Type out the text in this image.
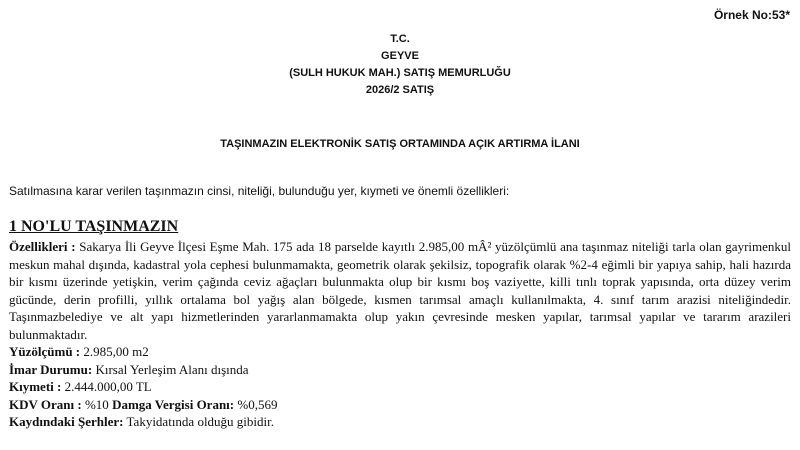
Örnek No:53*
T.C.
GEYVE
(SULH HUKUK MAH.) SATIŞ MEMURLUĞU
2026/2 SATIŞ
TAŞINMAZIN ELEKTRONİK SATIŞ ORTAMINDA AÇIK ARTIRMA İLANI
Satılmasına karar verilen taşınmazın cinsi, niteliği, bulunduğu yer, kıymeti ve önemli özellikleri:
1 NO'LU TAŞINMAZIN

Özellikleri : Sakarya İli Geyve İlçesi Eşme Mah. 175 ada 18 parselde kayıtlı 2.985,00 mÂ² yüzölçümlü ana taşınmaz niteliği tarla olan gayrimenkul meskun mahal dışında, kadastral yola cephesi bulunmamakta, geometrik olarak şekilsiz, topografik olarak %2-4 eğimli bir yapıya sahip, hali hazırda bir kısmı üzerinde yetişkin, verim çağında ceviz ağaçları bulunmakta olup bir kısmı boş vaziyette, killi tınlı toprak yapısında, orta düzey verim gücünde, derin profilli, yıllık ortalama bol yağış alan bölgede, kısmen tarımsal amaçlı kullanılmakta, 4. sınıf tarım arazisi niteliğindedir. Taşınmazbelediye ve alt yapı hizmetlerinden yararlanmamakta olup yakın çevresinde mesken yapılar, tarımsal yapılar ve tararım arazileri bulunmaktadır.

Yüzölçümü : 2.985,00 m2

İmar Durumu: Kırsal Yerleşim Alanı dışında

Kıymeti : 2.444.000,00 TL

KDV Oranı : %10 Damga Vergisi Oranı: %0,569

Kaydındaki Şerhler: Takyidatında olduğu gibidir.
